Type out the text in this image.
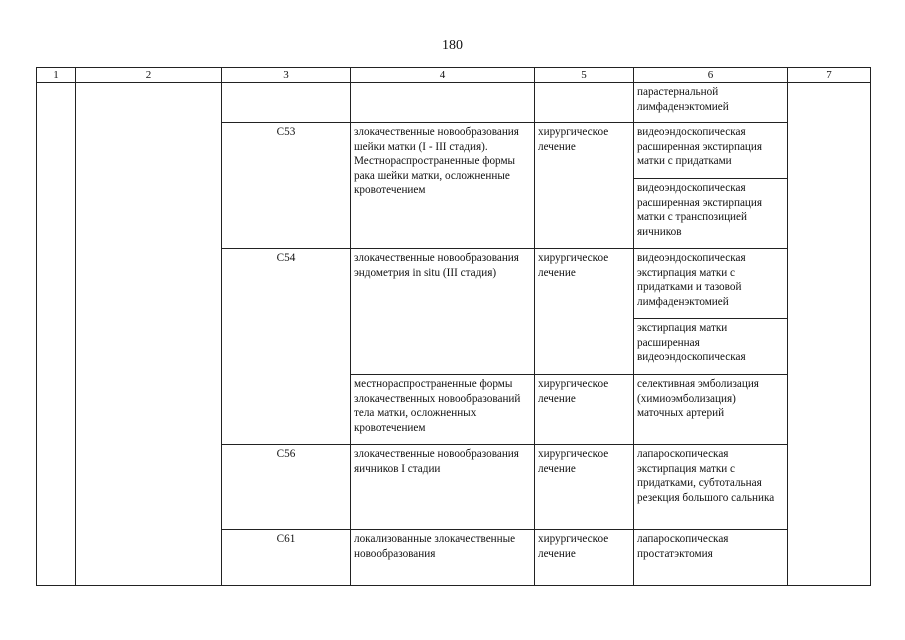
180
1	2	3	4	5	6	7
					парастернальной лимфаденэктомией	
		C53	злокачественные новообразования шейки матки (I - III стадия). Местнораспространенные формы рака шейки матки, осложненные кровотечением	хирургическое лечение	видеоэндоскопическая расширенная экстирпация матки с придатками	
					видеоэндоскопическая расширенная экстирпация матки с транспозицией яичников	
		C54	злокачественные новообразования эндометрия in situ (III стадия)	хирургическое лечение	видеоэндоскопическая экстирпация матки с придатками и тазовой лимфаденэктомией	
					экстирпация матки расширенная видеоэндоскопическая	
			местнораспространенные формы злокачественных новообразований тела матки, осложненных кровотечением	хирургическое лечение	селективная эмболизация (химиоэмболизация) маточных артерий	
		C56	злокачественные новообразования яичников I стадии	хирургическое лечение	лапароскопическая экстирпация матки с придатками, субтотальная резекция большого сальника	
		C61	локализованные злокачественные новообразования	хирургическое лечение	лапароскопическая простатэктомия	
